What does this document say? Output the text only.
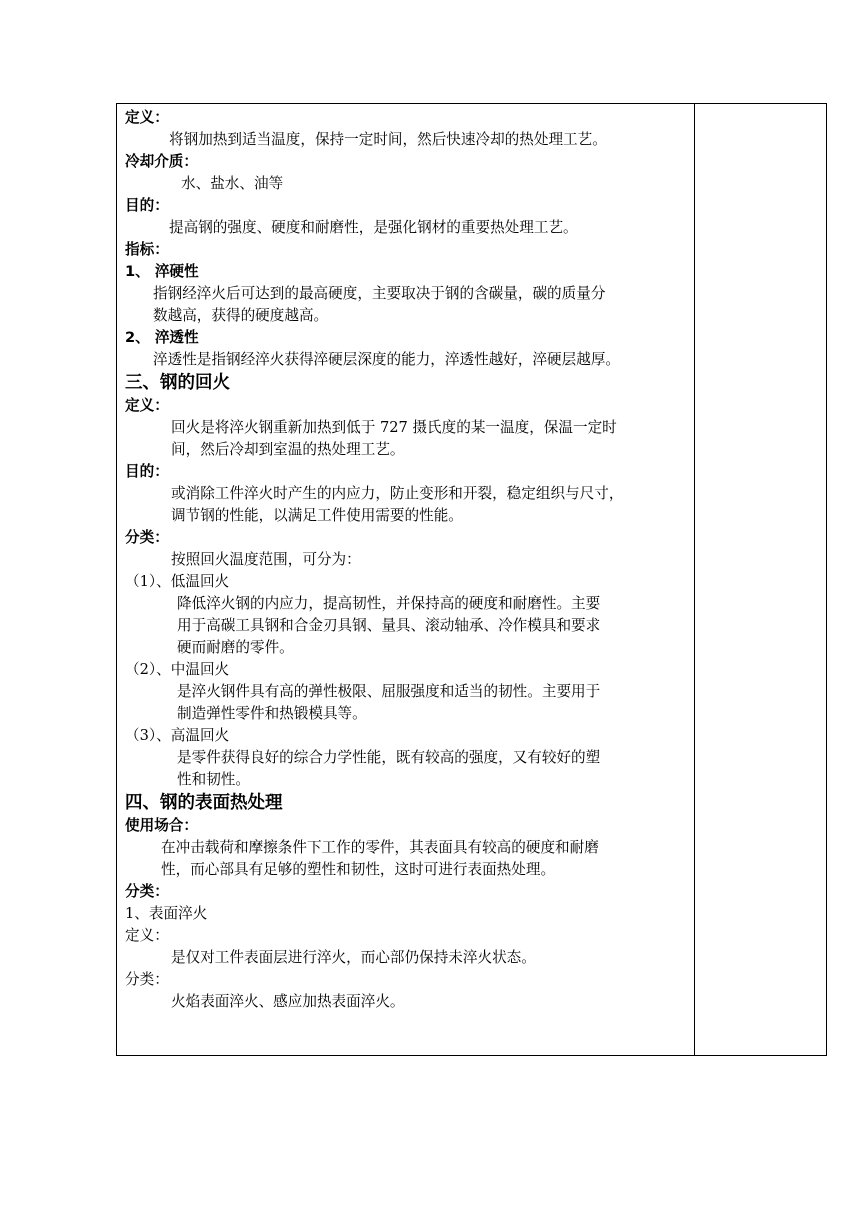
定义：
将钢加热到适当温度，保持一定时间，然后快速冷却的热处理工艺。
冷却介质：
水、盐水、油等
目的：
提高钢的强度、硬度和耐磨性，是强化钢材的重要热处理工艺。
指标：
1、 淬硬性
指钢经淬火后可达到的最高硬度，主要取决于钢的含碳量，碳的质量分
数越高，获得的硬度越高。
2、 淬透性
淬透性是指钢经淬火获得淬硬层深度的能力，淬透性越好，淬硬层越厚。
三、钢的回火
定义：
回火是将淬火钢重新加热到低于 727 摄氏度的某一温度，保温一定时
间，然后冷却到室温的热处理工艺。
目的：
或消除工件淬火时产生的内应力，防止变形和开裂，稳定组织与尺寸，
调节钢的性能，以满足工件使用需要的性能。
分类：
按照回火温度范围，可分为：
（1）、低温回火
降低淬火钢的内应力，提高韧性，并保持高的硬度和耐磨性。主要
用于高碳工具钢和合金刃具钢、量具、滚动轴承、冷作模具和要求
硬而耐磨的零件。
（2）、中温回火
是淬火钢件具有高的弹性极限、屈服强度和适当的韧性。主要用于
制造弹性零件和热锻模具等。
（3）、高温回火
是零件获得良好的综合力学性能，既有较高的强度，又有较好的塑
性和韧性。
四、钢的表面热处理
使用场合：
在冲击载荷和摩擦条件下工作的零件，其表面具有较高的硬度和耐磨
性，而心部具有足够的塑性和韧性，这时可进行表面热处理。
分类：
1、表面淬火
定义：
是仅对工件表面层进行淬火，而心部仍保持未淬火状态。
分类：
火焰表面淬火、感应加热表面淬火。
